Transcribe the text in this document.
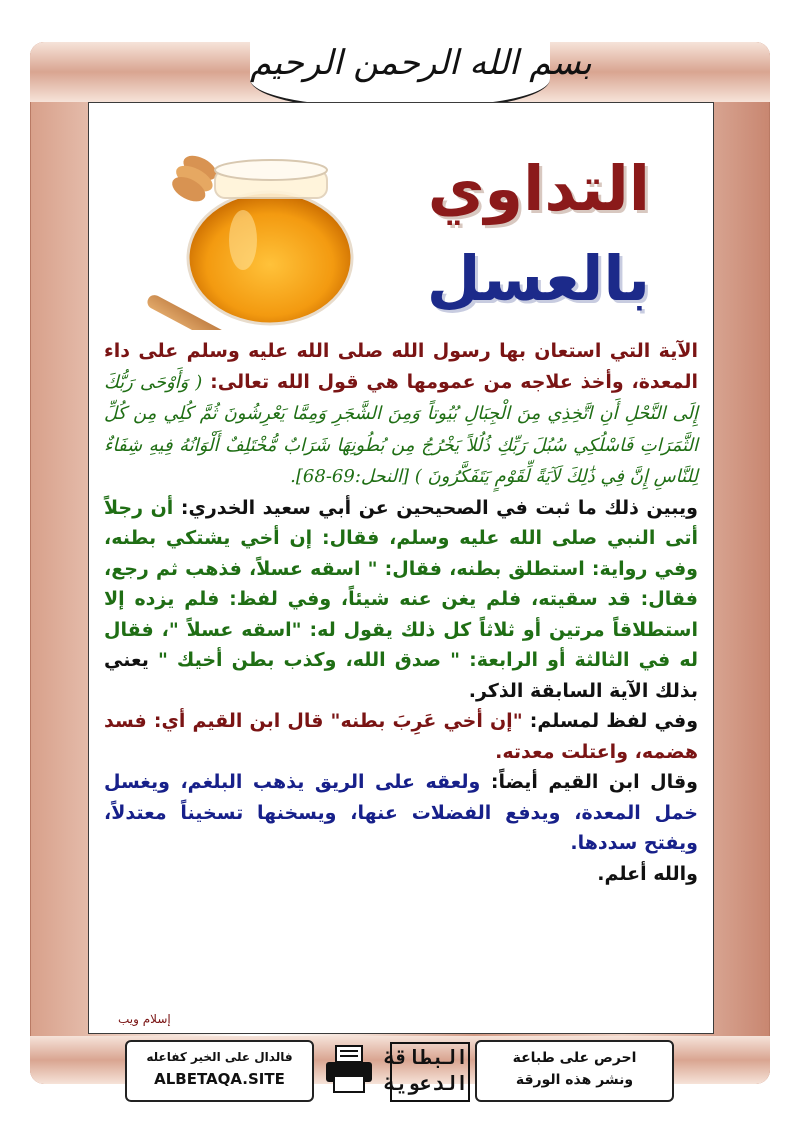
بسم الله الرحمن الرحيم
التداوي
بالعسل

الآية التي استعان بها رسول الله صلى الله عليه وسلم على داء المعدة، وأخذ علاجه من عمومها هي قول الله تعالى: ( وَأَوْحَى رَبُّكَ إِلَى النَّحْلِ أَنِ اتَّخِذِي مِنَ الْجِبَالِ بُيُوتاً وَمِنَ الشَّجَرِ وَمِمَّا يَعْرِشُونَ ثُمَّ كُلِي مِن كُلِّ الثَّمَرَاتِ فَاسْلُكِي سُبُلَ رَبِّكِ ذُلُلاً يَخْرُجُ مِن بُطُونِهَا شَرَابٌ مُّخْتَلِفٌ أَلْوَانُهُ فِيهِ شِفَاءٌ لِلنَّاسِ إِنَّ فِي ذَٰلِكَ لَآيَةً لِّقَوْمٍ يَتَفَكَّرُونَ ) [النحل:69-68].

ويبين ذلك ما ثبت في الصحيحين عن أبي سعيد الخدري: أن رجلاً أتى النبي صلى الله عليه وسلم، فقال: إن أخي يشتكي بطنه، وفي رواية: استطلق بطنه، فقال: " اسقه عسلاً، فذهب ثم رجع، فقال: قد سقيته، فلم يغن عنه شيئاً، وفي لفظ: فلم يزده إلا استطلاقاً مرتين أو ثلاثاً كل ذلك يقول له: "اسقه عسلاً "، فقال له في الثالثة أو الرابعة: " صدق الله، وكذب بطن أخيك " يعني بذلك الآية السابقة الذكر.

وفي لفظ لمسلم: "إن أخي عَرِبَ بطنه" قال ابن القيم أي: فسد هضمه، واعتلت معدته.

وقال ابن القيم أيضاً: ولعقه على الريق يذهب البلغم، ويغسل خمل المعدة، ويدفع الفضلات عنها، ويسخنها تسخيناً معتدلاً، ويفتح سددها.

والله أعلم.

إسلام ويب
فالدال على الخير كفاعله
ALBETAQA.SITE
البطاقة الدعوية
احرص على طباعة
ونشر هذه الورقة
